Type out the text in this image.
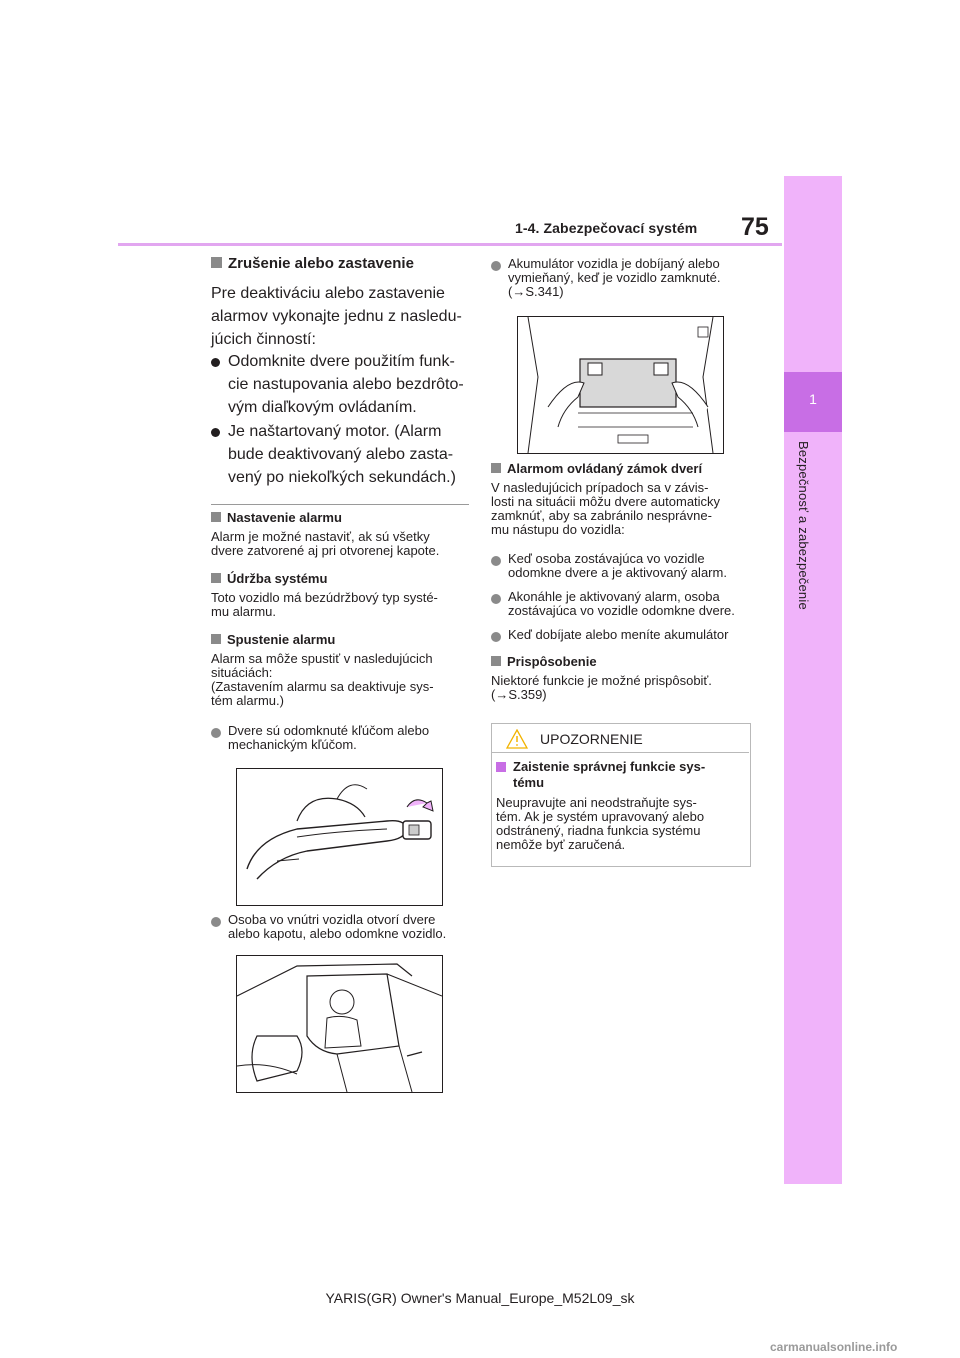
1
Bezpečnosť a zabezpečenie
1-4. Zabezpečovací systém 75
Zrušenie alebo zastavenie
Pre deaktiváciu alebo zastavenie
alarmov vykonajte jednu z nasledu-
júcich činností:
Odomknite dvere použitím funk-
cie nastupovania alebo bezdrôto-
vým diaľkovým ovládaním.
Je naštartovaný motor. (Alarm
bude deaktivovaný alebo zasta-
vený po niekoľkých sekundách.)
Nastavenie alarmu
Alarm je možné nastaviť, ak sú všetky
dvere zatvorené aj pri otvorenej kapote.
Údržba systému
Toto vozidlo má bezúdržbový typ systé-
mu alarmu.
Spustenie alarmu
Alarm sa môže spustiť v nasledujúcich
situáciách:
(Zastavením alarmu sa deaktivuje sys-
tém alarmu.)
Dvere sú odomknuté kľúčom alebo
mechanickým kľúčom.
Osoba vo vnútri vozidla otvorí dvere
alebo kapotu, alebo odomkne vozidlo.
Akumulátor vozidla je dobíjaný alebo
vymieňaný, keď je vozidlo zamknuté.
(→S.341)
Alarmom ovládaný zámok dverí
V nasledujúcich prípadoch sa v závis-
losti na situácii môžu dvere automaticky
zamknúť, aby sa zabránilo nesprávne-
mu nástupu do vozidla:
Keď osoba zostávajúca vo vozidle
odomkne dvere a je aktivovaný alarm.
Akonáhle je aktivovaný alarm, osoba
zostávajúca vo vozidle odomkne dvere.
Keď dobíjate alebo meníte akumulátor
Prispôsobenie
Niektoré funkcie je možné prispôsobiť.
(→S.359)
UPOZORNENIE
Zaistenie správnej funkcie sys-
tému
Neupravujte ani neodstraňujte sys-
tém. Ak je systém upravovaný alebo
odstránený, riadna funkcia systému
nemôže byť zaručená.
YARIS(GR) Owner's Manual_Europe_M52L09_sk
carmanualsonline.info
